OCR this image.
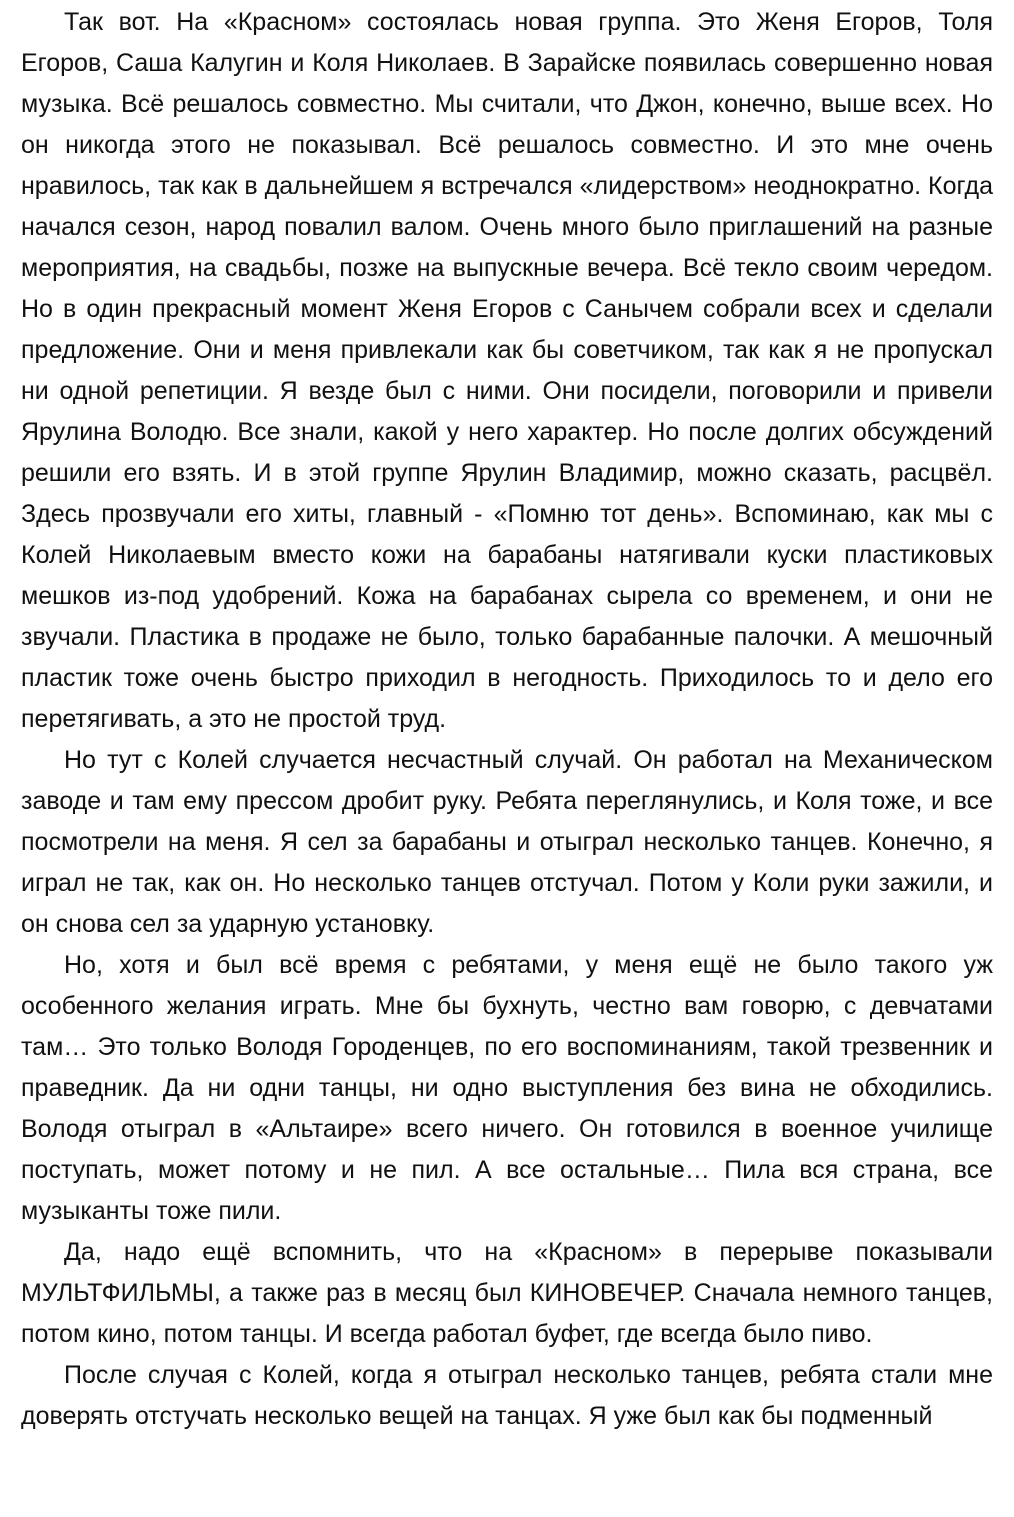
Так вот. На «Красном» состоялась новая группа. Это Женя Егоров, Толя Егоров, Саша Калугин и Коля Николаев. В Зарайске появилась совершенно новая музыка. Всё решалось совместно. Мы считали, что Джон, конечно, выше всех. Но он никогда этого не показывал. Всё решалось совместно. И это мне очень нравилось, так как в дальнейшем я встречался «лидерством» неоднократно. Когда начался сезон, народ повалил валом. Очень много было приглашений на разные мероприятия, на свадьбы, позже на выпускные вечера. Всё текло своим чередом. Но в один прекрасный момент Женя Егоров с Санычем собрали всех и сделали предложение. Они и меня привлекали как бы советчиком, так как я не пропускал ни одной репетиции. Я везде был с ними. Они посидели, поговорили и привели Ярулина Володю. Все знали, какой у него характер. Но после долгих обсуждений решили его взять. И в этой группе Ярулин Владимир, можно сказать, расцвёл. Здесь прозвучали его хиты, главный - «Помню тот день». Вспоминаю, как мы с Колей Николаевым вместо кожи на барабаны натягивали куски пластиковых мешков из-под удобрений. Кожа на барабанах сырела со временем, и они не звучали. Пластика в продаже не было, только барабанные палочки. А мешочный пластик тоже очень быстро приходил в негодность. Приходилось то и дело его перетягивать, а это не простой труд.

Но тут с Колей случается несчастный случай. Он работал на Механическом заводе и там ему прессом дробит руку. Ребята переглянулись, и Коля тоже, и все посмотрели на меня. Я сел за барабаны и отыграл несколько танцев. Конечно, я играл не так, как он. Но несколько танцев отстучал. Потом у Коли руки зажили, и он снова сел за ударную установку.

Но, хотя и был всё время с ребятами, у меня ещё не было такого уж особенного желания играть. Мне бы бухнуть, честно вам говорю, с девчатами там… Это только Володя Городенцев, по его воспоминаниям, такой трезвенник и праведник. Да ни одни танцы, ни одно выступления без вина не обходились. Володя отыграл в «Альтаире» всего ничего. Он готовился в военное училище поступать, может потому и не пил. А все остальные… Пила вся страна, все музыканты тоже пили.

Да, надо ещё вспомнить, что на «Красном» в перерыве показывали МУЛЬТФИЛЬМЫ, а также раз в месяц был КИНОВЕЧЕР. Сначала немного танцев, потом кино, потом танцы. И всегда работал буфет, где всегда было пиво.

После случая с Колей, когда я отыграл несколько танцев, ребята стали мне доверять отстучать несколько вещей на танцах. Я уже был как бы подменный
